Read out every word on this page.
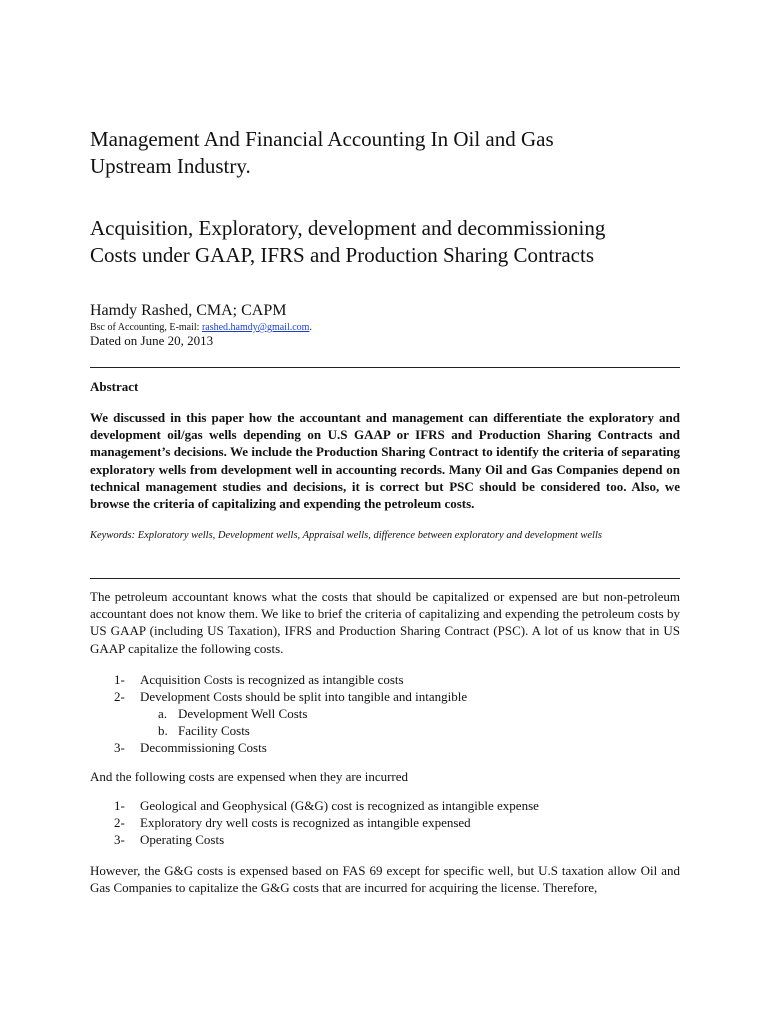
Management And Financial Accounting In Oil and Gas
Upstream Industry.
Acquisition, Exploratory, development and decommissioning
Costs under GAAP, IFRS and Production Sharing Contracts
Hamdy Rashed, CMA; CAPM
Bsc of Accounting, E-mail: rashed.hamdy@gmail.com.
Dated on June 20, 2013
Abstract

We discussed in this paper how the accountant and management can differentiate the exploratory and development oil/gas wells depending on U.S GAAP or IFRS and Production Sharing Contracts and management’s decisions. We include the Production Sharing Contract to identify the criteria of separating exploratory wells from development well in accounting records. Many Oil and Gas Companies depend on technical management studies and decisions, it is correct but PSC should be considered too. Also, we browse the criteria of capitalizing and expending the petroleum costs.

Keywords: Exploratory wells, Development wells, Appraisal wells, difference between exploratory and development wells

The petroleum accountant knows what the costs that should be capitalized or expensed are but non-petroleum accountant does not know them. We like to brief the criteria of capitalizing and expending the petroleum costs by US GAAP (including US Taxation), IFRS and Production Sharing Contract (PSC). A lot of us know that in US GAAP capitalize the following costs.

1-	Acquisition Costs is recognized as intangible costs
2-	Development Costs should be split into tangible and intangible
a. Development Well Costs
b. Facility Costs
3-	Decommissioning Costs

And the following costs are expensed when they are incurred

1-	Geological and Geophysical (G&G) cost is recognized as intangible expense
2-	Exploratory dry well costs is recognized as intangible expensed
3-	Operating Costs

However, the G&G costs is expensed based on FAS 69 except for specific well, but U.S taxation allow Oil and Gas Companies to capitalize the G&G costs that are incurred for acquiring the license. Therefore,
